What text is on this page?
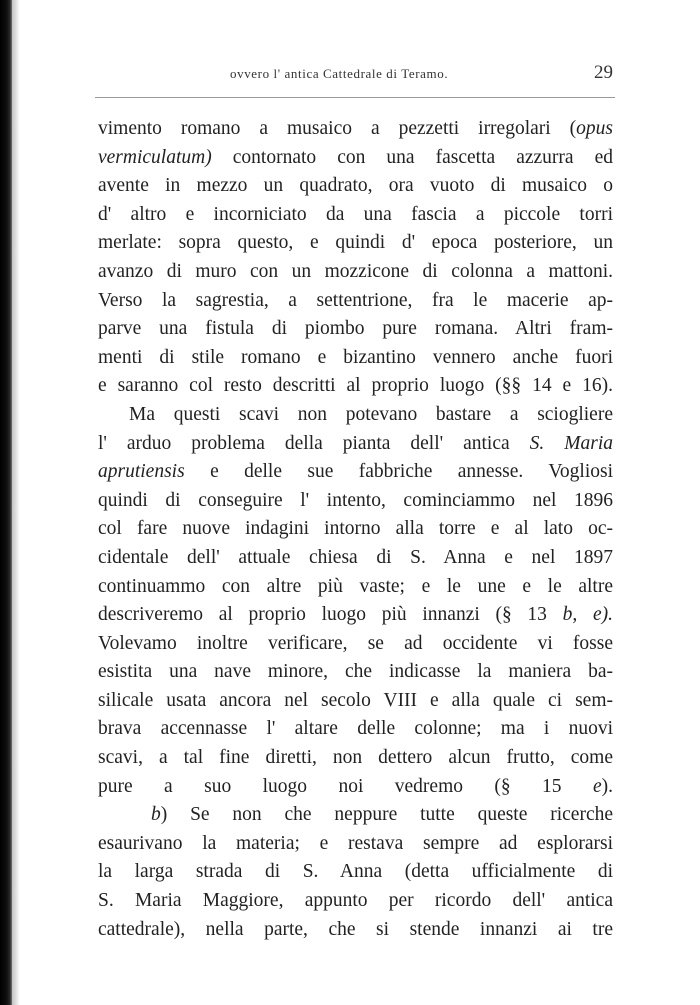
ovvero l' antica Cattedrale di Teramo.	29
vimento romano a musaico a pezzetti irregolari (opus
vermiculatum) contornato con una fascetta azzurra ed
avente in mezzo un quadrato, ora vuoto di musaico o
d' altro e incorniciato da una fascia a piccole torri
merlate: sopra questo, e quindi d' epoca posteriore, un
avanzo di muro con un mozzicone di colonna a mattoni.
Verso la sagrestia, a settentrione, fra le macerie ap-
parve una fistula di piombo pure romana. Altri fram-
menti di stile romano e bizantino vennero anche fuori
e saranno col resto descritti al proprio luogo (§§ 14 e 16).
Ma questi scavi non potevano bastare a sciogliere
l' arduo problema della pianta dell' antica S. Maria
aprutiensis e delle sue fabbriche annesse. Vogliosi
quindi di conseguire l' intento, cominciammo nel 1896
col fare nuove indagini intorno alla torre e al lato oc-
cidentale dell' attuale chiesa di S. Anna e nel 1897
continuammo con altre più vaste; e le une e le altre
descriveremo al proprio luogo più innanzi (§ 13 b, e).
Volevamo inoltre verificare, se ad occidente vi fosse
esistita una nave minore, che indicasse la maniera ba-
silicale usata ancora nel secolo VIII e alla quale ci sem-
brava accennasse l' altare delle colonne; ma i nuovi
scavi, a tal fine diretti, non dettero alcun frutto, come
pure a suo luogo noi vedremo (§ 15 e).
b) Se non che neppure tutte queste ricerche
esaurivano la materia; e restava sempre ad esplorarsi
la larga strada di S. Anna (detta ufficialmente di
S. Maria Maggiore, appunto per ricordo dell' antica
cattedrale), nella parte, che si stende innanzi ai tre
